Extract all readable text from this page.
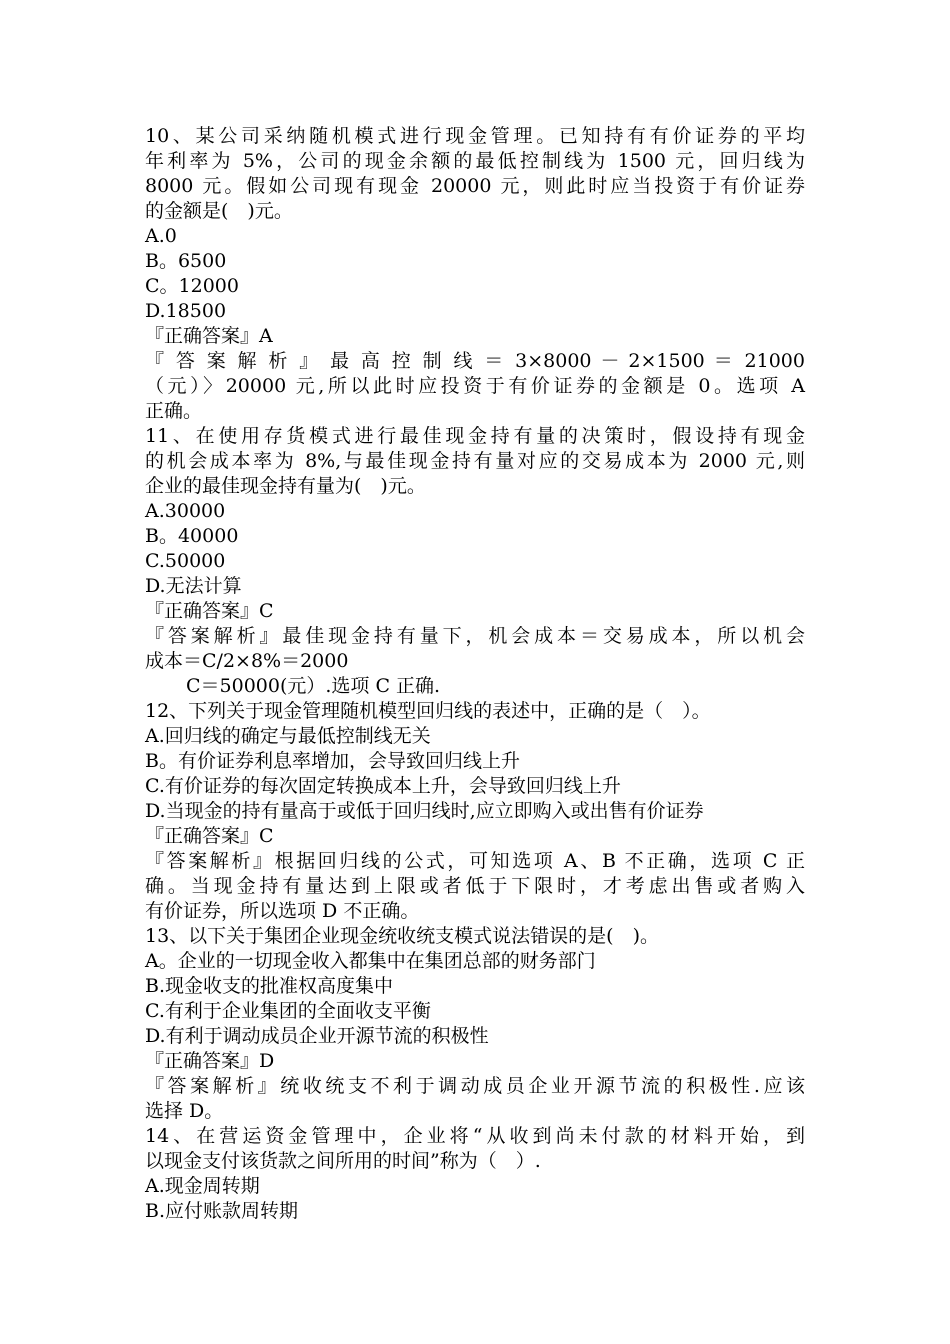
10、某公司采纳随机模式进行现金管理。已知持有有价证券的平均
年利率为 5%，公司的现金余额的最低控制线为 1500 元，回归线为
8000 元。假如公司现有现金 20000 元，则此时应当投资于有价证券
的金额是(　)元。
A.0
B。6500
C。12000
D.18500
『正确答案』A
『 答 案 解 析 』 最 高 控 制 线 ＝ 3×8000 － 2×1500 ＝ 21000
（元）〉20000 元,所以此时应投资于有价证券的金额是 0。选项 A
正确。
11、在使用存货模式进行最佳现金持有量的决策时，假设持有现金
的机会成本率为 8%,与最佳现金持有量对应的交易成本为 2000 元,则
企业的最佳现金持有量为(　)元。
A.30000
B。40000
C.50000
D.无法计算
『正确答案』C
『答案解析』最佳现金持有量下，机会成本＝交易成本，所以机会
成本＝C/2×8%＝2000
C＝50000(元）.选项 C 正确.
12、下列关于现金管理随机模型回归线的表述中，正确的是（　）。
A.回归线的确定与最低控制线无关
B。有价证券利息率增加，会导致回归线上升
C.有价证券的每次固定转换成本上升，会导致回归线上升
D.当现金的持有量高于或低于回归线时,应立即购入或出售有价证券
『正确答案』C
『答案解析』根据回归线的公式，可知选项 A、B 不正确，选项 C 正
确。当现金持有量达到上限或者低于下限时，才考虑出售或者购入
有价证券，所以选项 D 不正确。
13、以下关于集团企业现金统收统支模式说法错误的是(　)。
A。企业的一切现金收入都集中在集团总部的财务部门
B.现金收支的批准权高度集中
C.有利于企业集团的全面收支平衡
D.有利于调动成员企业开源节流的积极性
『正确答案』D
『答案解析』统收统支不利于调动成员企业开源节流的积极性.应该
选择 D。
14、在营运资金管理中，企业将“从收到尚未付款的材料开始，到
以现金支付该货款之间所用的时间”称为（　）.
A.现金周转期
B.应付账款周转期
